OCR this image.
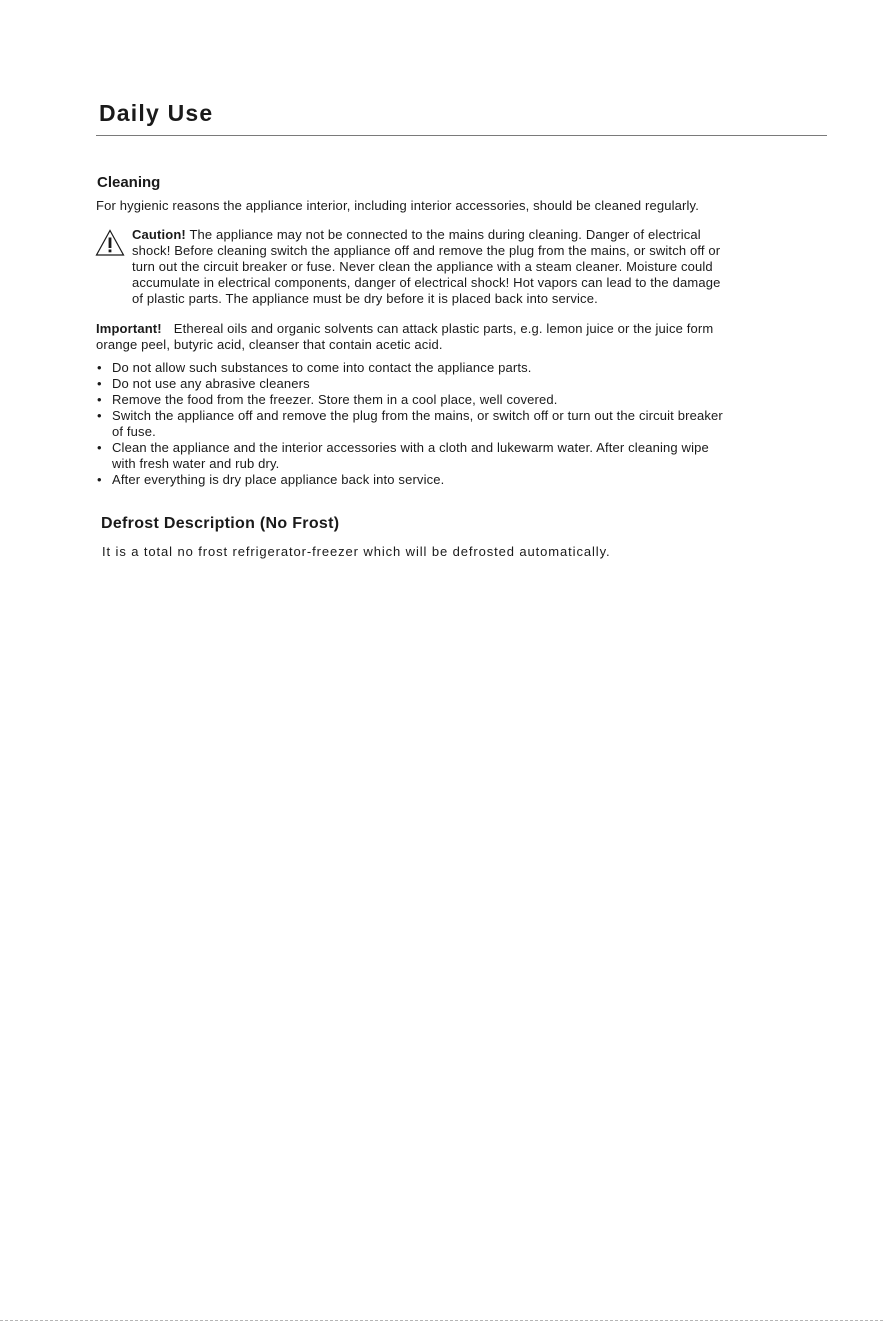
Daily Use
Cleaning

For hygienic reasons the appliance interior, including interior accessories, should be cleaned regularly.

Caution! The appliance may not be connected to the mains during cleaning. Danger of electrical
shock! Before cleaning switch the appliance off and remove the plug from the mains, or switch off or
turn out the circuit breaker or fuse. Never clean the appliance with a steam cleaner. Moisture could
accumulate in electrical components, danger of electrical shock! Hot vapors can lead to the damage
of plastic parts. The appliance must be dry before it is placed back into service.
Important! Ethereal oils and organic solvents can attack plastic parts, e.g. lemon juice or the juice form
orange peel, butyric acid, cleanser that contain acetic acid.
• Do not allow such substances to come into contact the appliance parts.
• Do not use any abrasive cleaners
• Remove the food from the freezer. Store them in a cool place, well covered.
• Switch the appliance off and remove the plug from the mains, or switch off or turn out the circuit breaker
of fuse.
• Clean the appliance and the interior accessories with a cloth and lukewarm water. After cleaning wipe
with fresh water and rub dry.
• After everything is dry place appliance back into service.
Defrost Description (No Frost)

It is a total no frost refrigerator-freezer which will be defrosted automatically.
